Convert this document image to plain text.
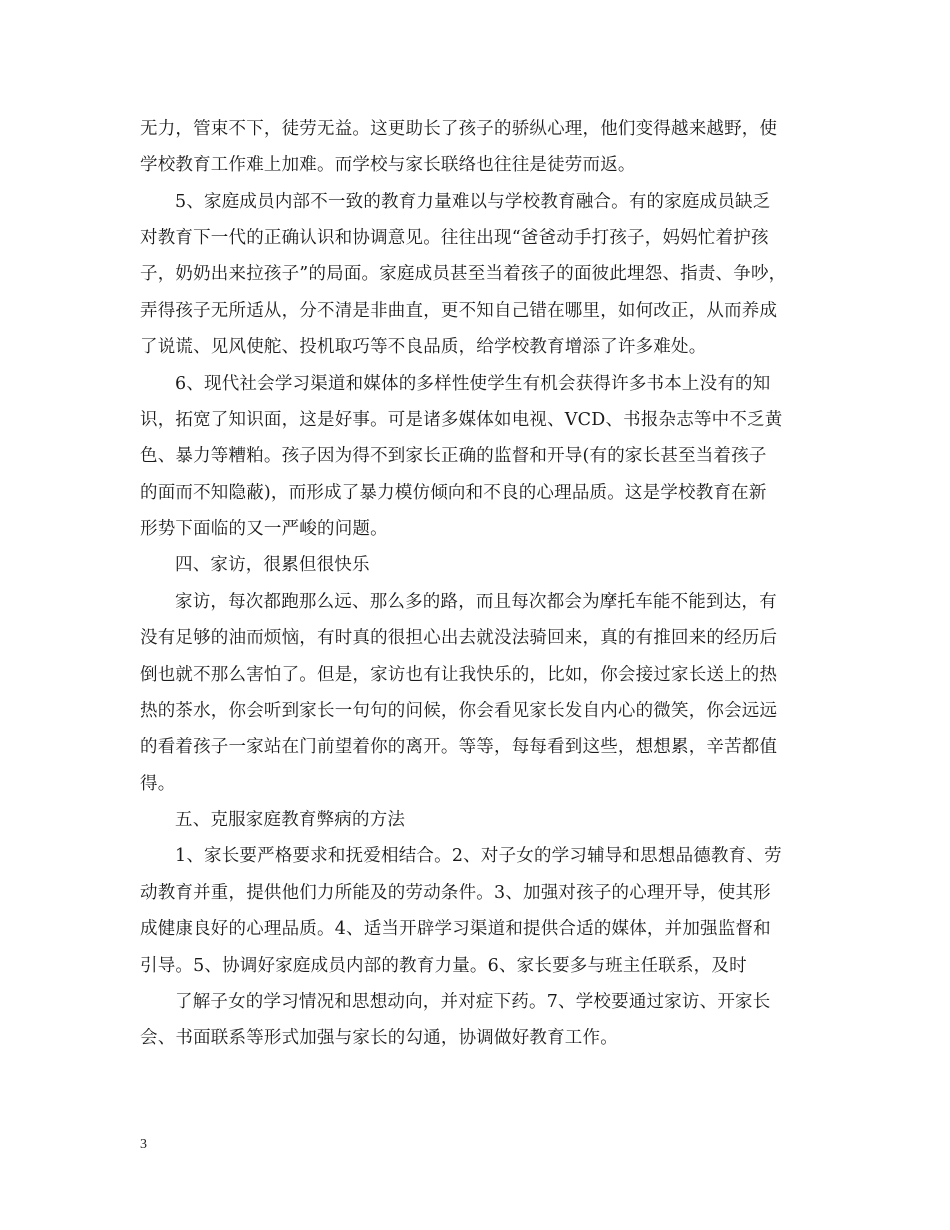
无力，管束不下，徒劳无益。这更助长了孩子的骄纵心理，他们变得越来越野，使
学校教育工作难上加难。而学校与家长联络也往往是徒劳而返。
5、家庭成员内部不一致的教育力量难以与学校教育融合。有的家庭成员缺乏
对教育下一代的正确认识和协调意见。往往出现“爸爸动手打孩子，妈妈忙着护孩
子，奶奶出来拉孩子”的局面。家庭成员甚至当着孩子的面彼此埋怨、指责、争吵，
弄得孩子无所适从，分不清是非曲直，更不知自己错在哪里，如何改正，从而养成
了说谎、见风使舵、投机取巧等不良品质，给学校教育增添了许多难处。
6、现代社会学习渠道和媒体的多样性使学生有机会获得许多书本上没有的知
识，拓宽了知识面，这是好事。可是诸多媒体如电视、VCD、书报杂志等中不乏黄
色、暴力等糟粕。孩子因为得不到家长正确的监督和开导(有的家长甚至当着孩子
的面而不知隐蔽)，而形成了暴力模仿倾向和不良的心理品质。这是学校教育在新
形势下面临的又一严峻的问题。
四、家访，很累但很快乐
家访，每次都跑那么远、那么多的路，而且每次都会为摩托车能不能到达，有
没有足够的油而烦恼，有时真的很担心出去就没法骑回来，真的有推回来的经历后
倒也就不那么害怕了。但是，家访也有让我快乐的，比如，你会接过家长送上的热
热的茶水，你会听到家长一句句的问候，你会看见家长发自内心的微笑，你会远远
的看着孩子一家站在门前望着你的离开。等等，每每看到这些，想想累，辛苦都值
得。
五、克服家庭教育弊病的方法
1、家长要严格要求和抚爱相结合。2、对子女的学习辅导和思想品德教育、劳
动教育并重，提供他们力所能及的劳动条件。3、加强对孩子的心理开导，使其形
成健康良好的心理品质。4、适当开辟学习渠道和提供合适的媒体，并加强监督和
引导。5、协调好家庭成员内部的教育力量。6、家长要多与班主任联系，及时
了解子女的学习情况和思想动向，并对症下药。7、学校要通过家访、开家长
会、书面联系等形式加强与家长的勾通，协调做好教育工作。
3
